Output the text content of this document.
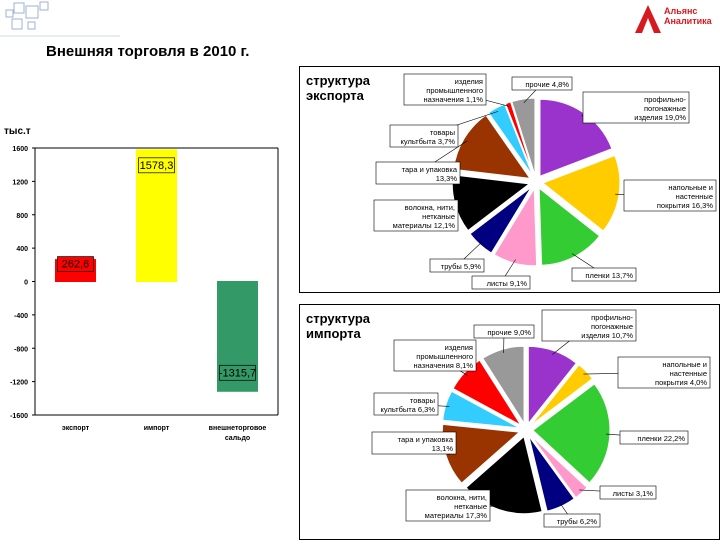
Внешняя торговля в 2010 г.
Альянс
Аналитика
тыс.т
1600
1200
800
400
0
-400
-800
-1200
-1600
262,6
экспорт
1578,3
импорт
-1315,7
внешнеторговое
сальдо
структура
экспорта	профильно-
погонажные
изделия 19,0%
напольные и
настенные
покрытия 16,3%
пленки 13,7%
листы 9,1%
трубы 5,9%
волокна, нити,
нетканые
материалы 12,1%
тара и упаковка
13,3%
товары
культбыта 3,7%
изделия
промышленного
назначения 1,1%
прочие 4,8%
структура
импорта
профильно-
погонажные
изделия 10,7%
напольные и
настенные
покрытия 4,0%
пленки 22,2%
листы 3,1%
трубы 6,2%
волокна, нити,
нетканые
материалы 17,3%
тара и упаковка
13,1%
товары
культбыта 6,3%
изделия
промышленного
назначения 8,1%
прочие 9,0%
